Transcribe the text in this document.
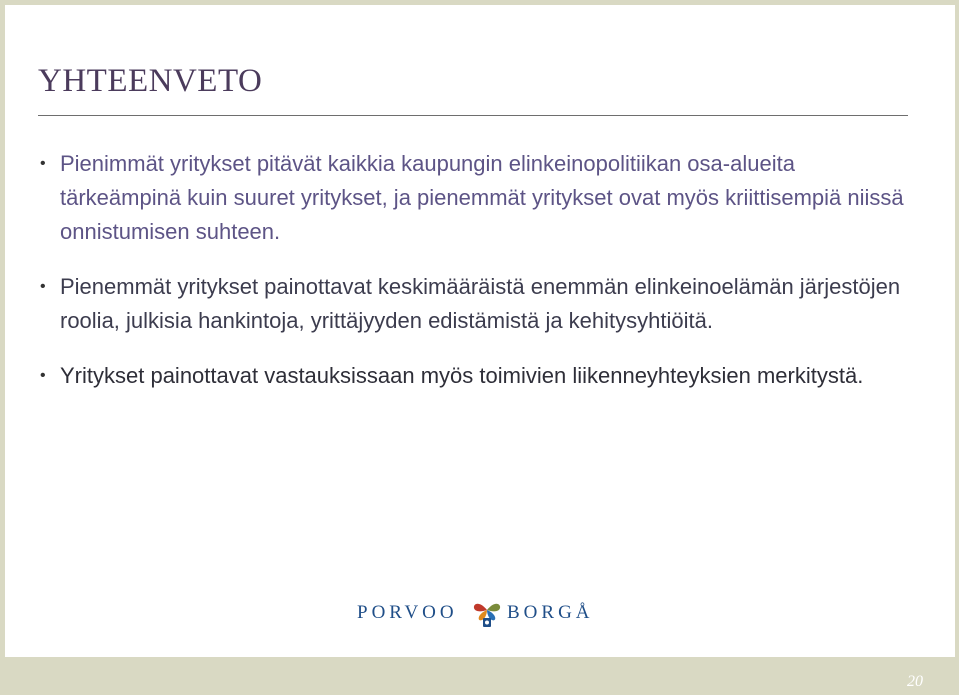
YHTEENVETO
• Pienimmät yritykset pitävät kaikkia kaupungin elinkeinopolitiikan osa-alueita tärkeämpinä kuin suuret yritykset, ja pienemmät yritykset ovat myös kriittisempiä niissä onnistumisen suhteen.
• Pienemmät yritykset painottavat keskimääräistä enemmän elinkeinoelämän järjestöjen roolia, julkisia hankintoja, yrittäjyyden edistämistä ja kehitysyhtiöitä.
• Yritykset painottavat vastauksissaan myös toimivien liikenneyhteyksien merkitystä.
PORVOO	BORGÅ
20
